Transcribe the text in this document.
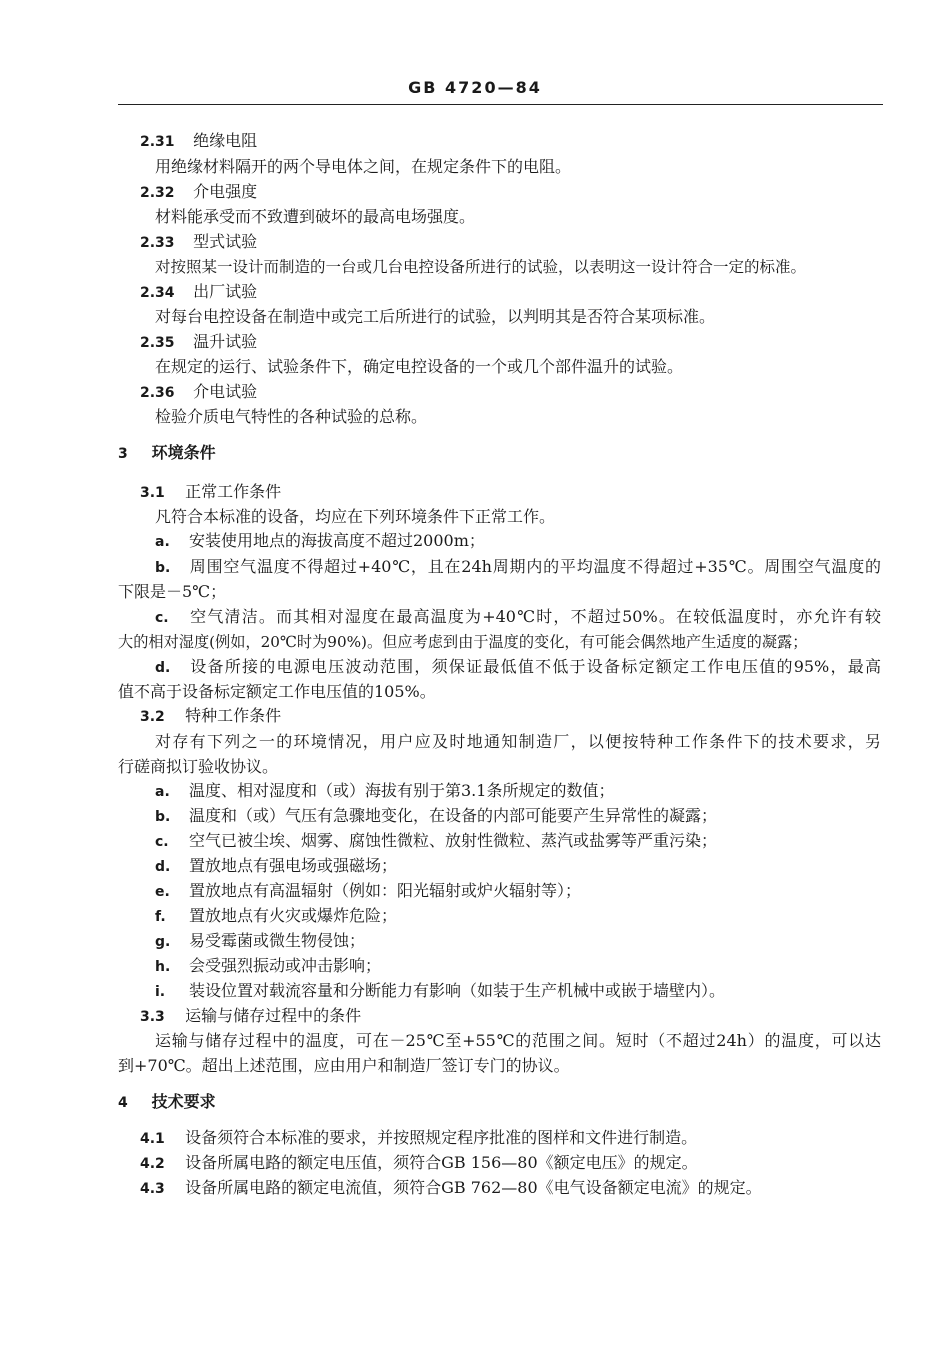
GB 4720—84
2.31 绝缘电阻
用绝缘材料隔开的两个导电体之间，在规定条件下的电阻。
2.32 介电强度
材料能承受而不致遭到破坏的最高电场强度。
2.33 型式试验
对按照某一设计而制造的一台或几台电控设备所进行的试验，以表明这一设计符合一定的标准。
2.34 出厂试验
对每台电控设备在制造中或完工后所进行的试验，以判明其是否符合某项标准。
2.35 温升试验
在规定的运行、试验条件下，确定电控设备的一个或几个部件温升的试验。
2.36 介电试验
检验介质电气特性的各种试验的总称。
3 环境条件
3.1 正常工作条件
凡符合本标准的设备，均应在下列环境条件下正常工作。
a. 安装使用地点的海拔高度不超过2000m；
b. 周围空气温度不得超过+40℃，且在24h周期内的平均温度不得超过+35℃。周围空气温度的
下限是－5℃；
c. 空气清洁。而其相对湿度在最高温度为+40℃时，不超过50%。在较低温度时，亦允许有较
大的相对湿度(例如，20℃时为90%)。但应考虑到由于温度的变化，有可能会偶然地产生适度的凝露；
d. 设备所接的电源电压波动范围，须保证最低值不低于设备标定额定工作电压值的95%，最高
值不高于设备标定额定工作电压值的105%。
3.2 特种工作条件
对存有下列之一的环境情况，用户应及时地通知制造厂，以便按特种工作条件下的技术要求，另
行磋商拟订验收协议。
a. 温度、相对湿度和（或）海拔有别于第3.1条所规定的数值；
b. 温度和（或）气压有急骤地变化，在设备的内部可能要产生异常性的凝露；
c. 空气已被尘埃、烟雾、腐蚀性微粒、放射性微粒、蒸汽或盐雾等严重污染；
d. 置放地点有强电场或强磁场；
e. 置放地点有高温辐射（例如：阳光辐射或炉火辐射等）；
f. 置放地点有火灾或爆炸危险；
g. 易受霉菌或微生物侵蚀；
h. 会受强烈振动或冲击影响；
i. 装设位置对载流容量和分断能力有影响（如装于生产机械中或嵌于墙壁内）。
3.3 运输与储存过程中的条件
运输与储存过程中的温度，可在－25℃至+55℃的范围之间。短时（不超过24h）的温度，可以达
到+70℃。超出上述范围，应由用户和制造厂签订专门的协议。
4 技术要求
4.1 设备须符合本标准的要求，并按照规定程序批准的图样和文件进行制造。
4.2 设备所属电路的额定电压值，须符合GB 156—80《额定电压》的规定。
4.3 设备所属电路的额定电流值，须符合GB 762—80《电气设备额定电流》的规定。
